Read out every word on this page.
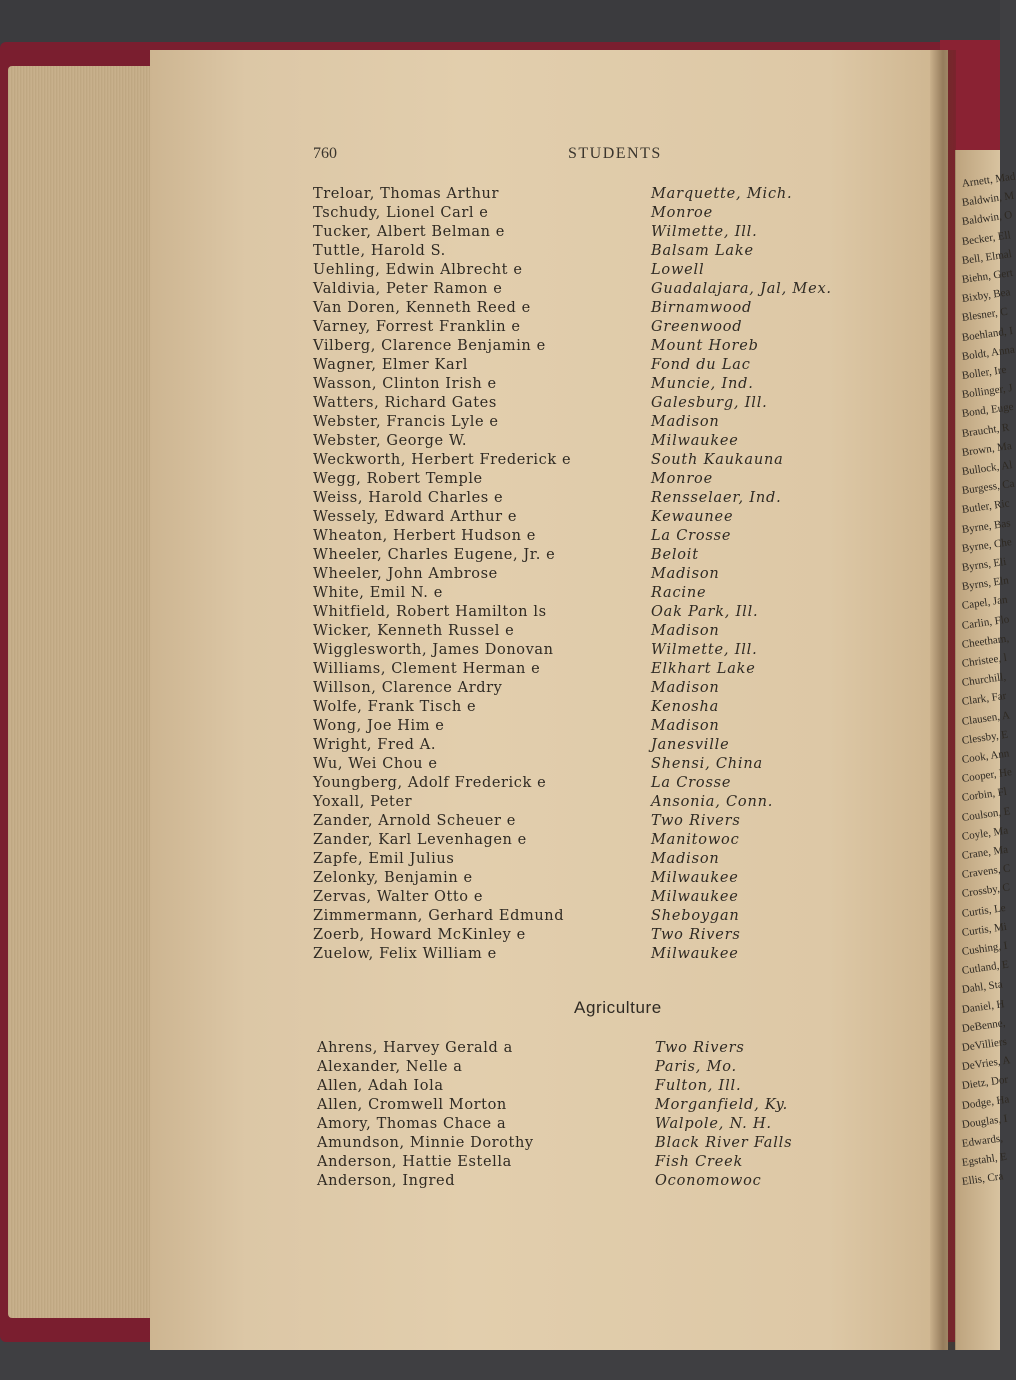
Arnett, Mad
Baldwin, M
Baldwin, O
Becker, Ell
Bell, Elmal
Biehn, Gert
Bixby, Bea
Blesner, C
Boehland, I
Boldt, Anna
Boller, Ire
Bollinger, J
Bond, Euge
Braucht, R
Brown, Ma
Bullock, Al
Burgess, Ca
Butler, Ric
Byrne, Bas
Byrne, Che
Byrns, Eli
Byrns, Eln
Capel, Jan
Carlin, Flo
Cheetham,
Christee, l
Churchill,
Clark, Far
Clausen, A
Clessby, E
Cook, Ann
Cooper, He
Corbin, Fl
Coulson, E
Coyle, Ma
Crane, Ma
Cravens, C
Crossby, C
Curtis, Le
Curtis, Mi
Cushing, I
Cutland, E
Dahl, Sta
Daniel, H
DeBenne,
DeVilliers
DeVries, A
Dietz, Dor
Dodge, Ha
Douglas, I
Edwards,
Egstahl, E
Ellis, Cra
760	STUDENTS
Treloar, Thomas Arthur	Marquette, Mich.
Tschudy, Lionel Carl e	Monroe
Tucker, Albert Belman e	Wilmette, Ill.
Tuttle, Harold S.	Balsam Lake
Uehling, Edwin Albrecht e	Lowell
Valdivia, Peter Ramon e	Guadalajara, Jal, Mex.
Van Doren, Kenneth Reed e	Birnamwood
Varney, Forrest Franklin e	Greenwood
Vilberg, Clarence Benjamin e	Mount Horeb
Wagner, Elmer Karl	Fond du Lac
Wasson, Clinton Irish e	Muncie, Ind.
Watters, Richard Gates	Galesburg, Ill.
Webster, Francis Lyle e	Madison
Webster, George W.	Milwaukee
Weckworth, Herbert Frederick e	South Kaukauna
Wegg, Robert Temple	Monroe
Weiss, Harold Charles e	Rensselaer, Ind.
Wessely, Edward Arthur e	Kewaunee
Wheaton, Herbert Hudson e	La Crosse
Wheeler, Charles Eugene, Jr. e	Beloit
Wheeler, John Ambrose	Madison
White, Emil N. e	Racine
Whitfield, Robert Hamilton ls	Oak Park, Ill.
Wicker, Kenneth Russel e	Madison
Wigglesworth, James Donovan	Wilmette, Ill.
Williams, Clement Herman e	Elkhart Lake
Willson, Clarence Ardry	Madison
Wolfe, Frank Tisch e	Kenosha
Wong, Joe Him e	Madison
Wright, Fred A.	Janesville
Wu, Wei Chou e	Shensi, China
Youngberg, Adolf Frederick e	La Crosse
Yoxall, Peter	Ansonia, Conn.
Zander, Arnold Scheuer e	Two Rivers
Zander, Karl Levenhagen e	Manitowoc
Zapfe, Emil Julius	Madison
Zelonky, Benjamin e	Milwaukee
Zervas, Walter Otto e	Milwaukee
Zimmermann, Gerhard Edmund	Sheboygan
Zoerb, Howard McKinley e	Two Rivers
Zuelow, Felix William e	Milwaukee
Agriculture
Ahrens, Harvey Gerald a	Two Rivers
Alexander, Nelle a	Paris, Mo.
Allen, Adah Iola	Fulton, Ill.
Allen, Cromwell Morton	Morganfield, Ky.
Amory, Thomas Chace a	Walpole, N. H.
Amundson, Minnie Dorothy	Black River Falls
Anderson, Hattie Estella	Fish Creek
Anderson, Ingred	Oconomowoc
